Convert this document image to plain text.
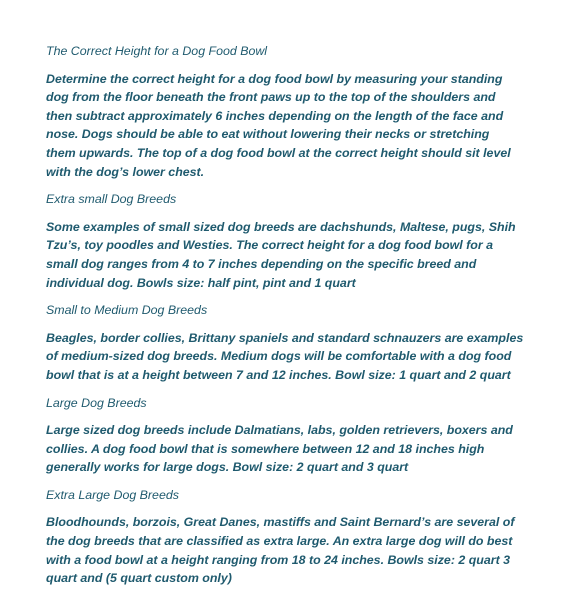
The Correct Height for a Dog Food Bowl
Determine the correct height for a dog food bowl by measuring your standing
dog from the floor beneath the front paws up to the top of the shoulders and
then subtract approximately 6 inches depending on the length of the face and
nose. Dogs should be able to eat without lowering their necks or stretching
them upwards. The top of a dog food bowl at the correct height should sit level
with the dog’s lower chest.
Extra small Dog Breeds
Some examples of small sized dog breeds are dachshunds, Maltese, pugs, Shih
Tzu’s, toy poodles and Westies. The correct height for a dog food bowl for a
small dog ranges from 4 to 7 inches depending on the specific breed and
individual dog. Bowls size: half pint, pint and 1 quart
Small to Medium Dog Breeds
Beagles, border collies, Brittany spaniels and standard schnauzers are examples
of medium-sized dog breeds. Medium dogs will be comfortable with a dog food
bowl that is at a height between 7 and 12 inches. Bowl size: 1 quart and 2 quart
Large Dog Breeds
Large sized dog breeds include Dalmatians, labs, golden retrievers, boxers and
collies. A dog food bowl that is somewhere between 12 and 18 inches high
generally works for large dogs. Bowl size: 2 quart and 3 quart
Extra Large Dog Breeds
Bloodhounds, borzois, Great Danes, mastiffs and Saint Bernard’s are several of
the dog breeds that are classified as extra large. An extra large dog will do best
with a food bowl at a height ranging from 18 to 24 inches. Bowls size: 2 quart 3
quart and (5 quart custom only)
